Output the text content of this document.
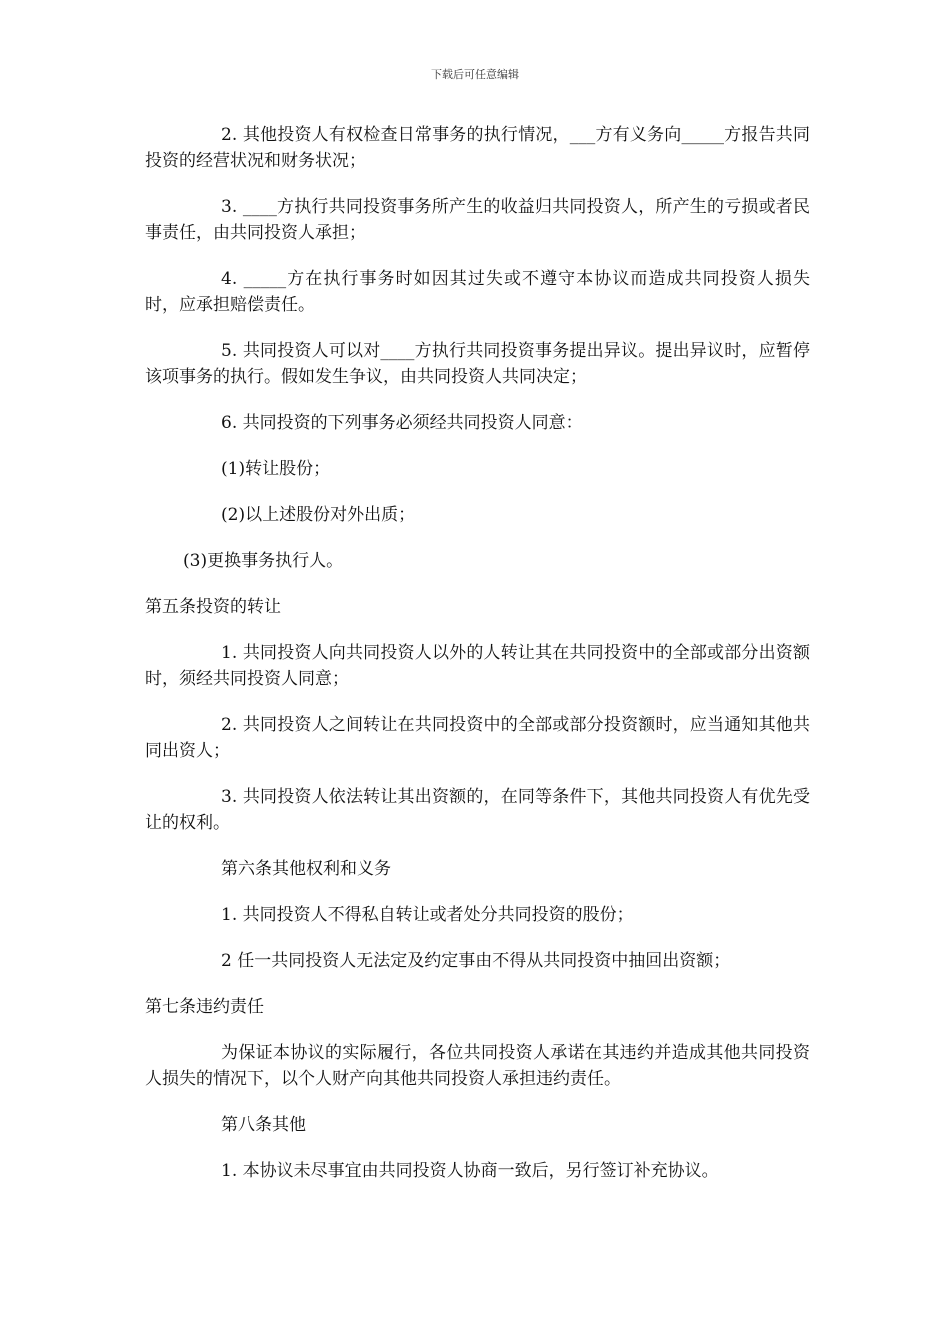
下载后可任意编辑

2. 其他投资人有权检查日常事务的执行情况，___方有义务向_____方报告共同投资的经营状况和财务状况；

3. ____方执行共同投资事务所产生的收益归共同投资人，所产生的亏损或者民事责任，由共同投资人承担；

4. _____方在执行事务时如因其过失或不遵守本协议而造成共同投资人损失时，应承担赔偿责任。

5. 共同投资人可以对____方执行共同投资事务提出异议。提出异议时，应暂停该项事务的执行。假如发生争议，由共同投资人共同决定；

6. 共同投资的下列事务必须经共同投资人同意：

(1)转让股份；

(2)以上述股份对外出质；

(3)更换事务执行人。

第五条投资的转让

1. 共同投资人向共同投资人以外的人转让其在共同投资中的全部或部分出资额时，须经共同投资人同意；

2. 共同投资人之间转让在共同投资中的全部或部分投资额时，应当通知其他共同出资人；

3. 共同投资人依法转让其出资额的，在同等条件下，其他共同投资人有优先受让的权利。

第六条其他权利和义务

1. 共同投资人不得私自转让或者处分共同投资的股份；

2 任一共同投资人无法定及约定事由不得从共同投资中抽回出资额；

第七条违约责任

为保证本协议的实际履行，各位共同投资人承诺在其违约并造成其他共同投资人损失的情况下，以个人财产向其他共同投资人承担违约责任。

第八条其他

1. 本协议未尽事宜由共同投资人协商一致后，另行签订补充协议。
